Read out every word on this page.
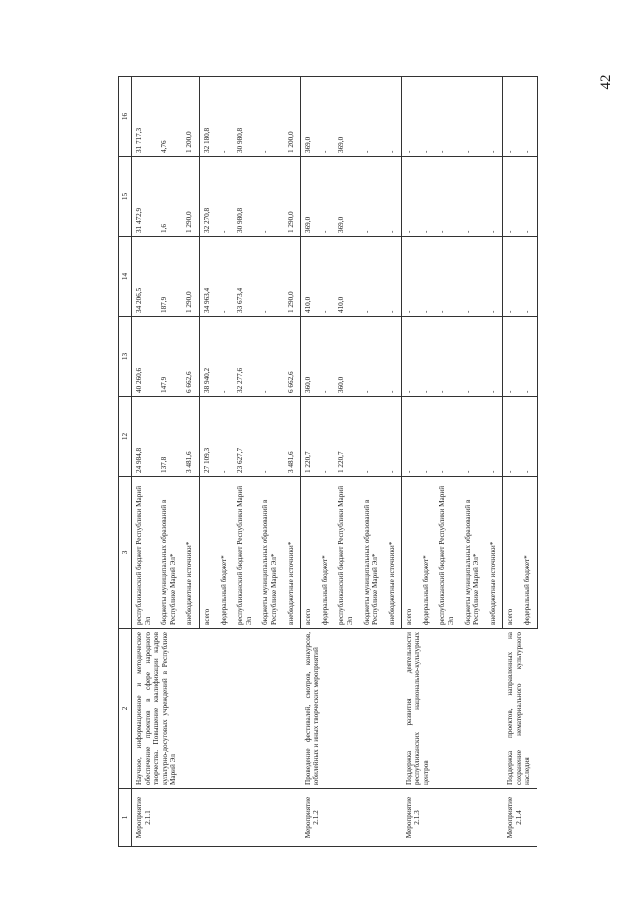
42
1	2	3	12	13	14	15	16
Мероприятие 2.1.1	Научное, информационное и методическое обеспечение проектов в сфере народного творчества. Повышение квалификации кадров культурно-досуговых учреждений в Республике Марий Эл	республиканский бюджет Республики Марий Эл	24 984,8	40 260,6	34 206,5	31 472,9	31 717,3
		бюджеты муниципальных образований в Республике Марий Эл*	137,8	147,9	187,9	1,6	4,76
		внебюджетные источники*	3 481,6	6 662,6	1 290,0	1 290,0	1 200,0
		всего	27 109,3	38 940,2	34 963,4	32 270,8	32 180,8
		федеральный бюджет*	-	-	-	-	-
		республиканский бюджет Республики Марий Эл	23 627,7	32 277,6	33 673,4	30 980,8	30 980,8
		бюджеты муниципальных образований в Республике Марий Эл*	-	-	-	-	-
		внебюджетные источники*	3 481,6	6 662,6	1 290,0	1 290,0	1 200,0
Мероприятие 2.1.2	Проведение фестивалей, смотров, конкурсов, юбилейных и иных творческих мероприятий	всего	1 220,7	360,0	410,0	369,0	369,0
		федеральный бюджет*	-	-	-	-	-
		республиканский бюджет Республики Марий Эл	1 220,7	360,0	410,0	369,0	369,0
		бюджеты муниципальных образований в Республике Марий Эл*	-	-	-	-	-
		внебюджетные источники*	-	-	-	-	-
Мероприятие 2.1.3	Поддержка развития деятельности республиканских национально-культурных центров	всего	-	-	-	-	-
		федеральный бюджет*	-	-	-	-	-
		республиканский бюджет Республики Марий Эл	-	-	-	-	-
		бюджеты муниципальных образований в Республике Марий Эл*	-	-	-	-	-
		внебюджетные источники*	-	-	-	-	-
Мероприятие 2.1.4	Поддержка проектов, направленных на сохранение нематериального культурного наследия	всего	-	-	-	-	-
		федеральный бюджет*	-	-	-	-	-
